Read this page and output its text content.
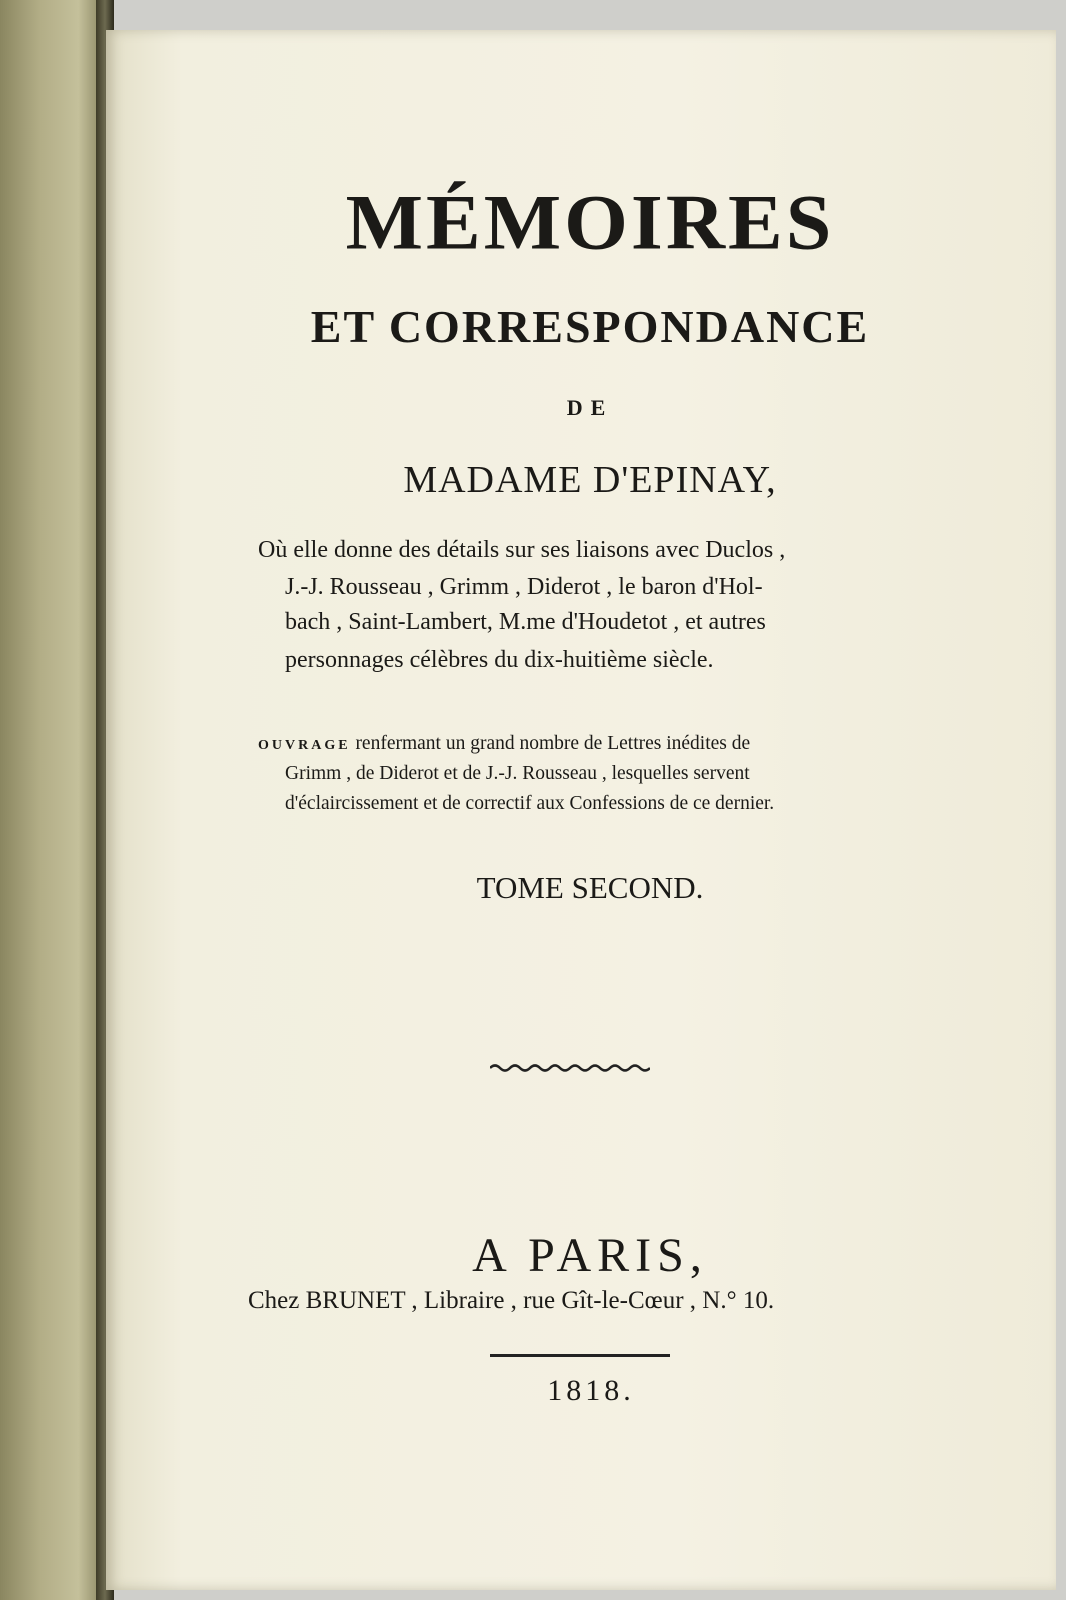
MÉMOIRES
ET CORRESPONDANCE
DE
MADAME D'EPINAY,
Où elle donne des détails sur ses liaisons avec Duclos ,
J.-J. Rousseau , Grimm , Diderot , le baron d'Hol-
bach , Saint-Lambert, M.me d'Houdetot , et autres
personnages célèbres du dix-huitième siècle.
OUVRAGE renfermant un grand nombre de Lettres inédites de
Grimm , de Diderot et de J.-J. Rousseau , lesquelles servent
d'éclaircissement et de correctif aux Confessions de ce dernier.
TOME SECOND.
A PARIS,
Chez BRUNET , Libraire , rue Gît-le-Cœur , N.° 10.
1818.
